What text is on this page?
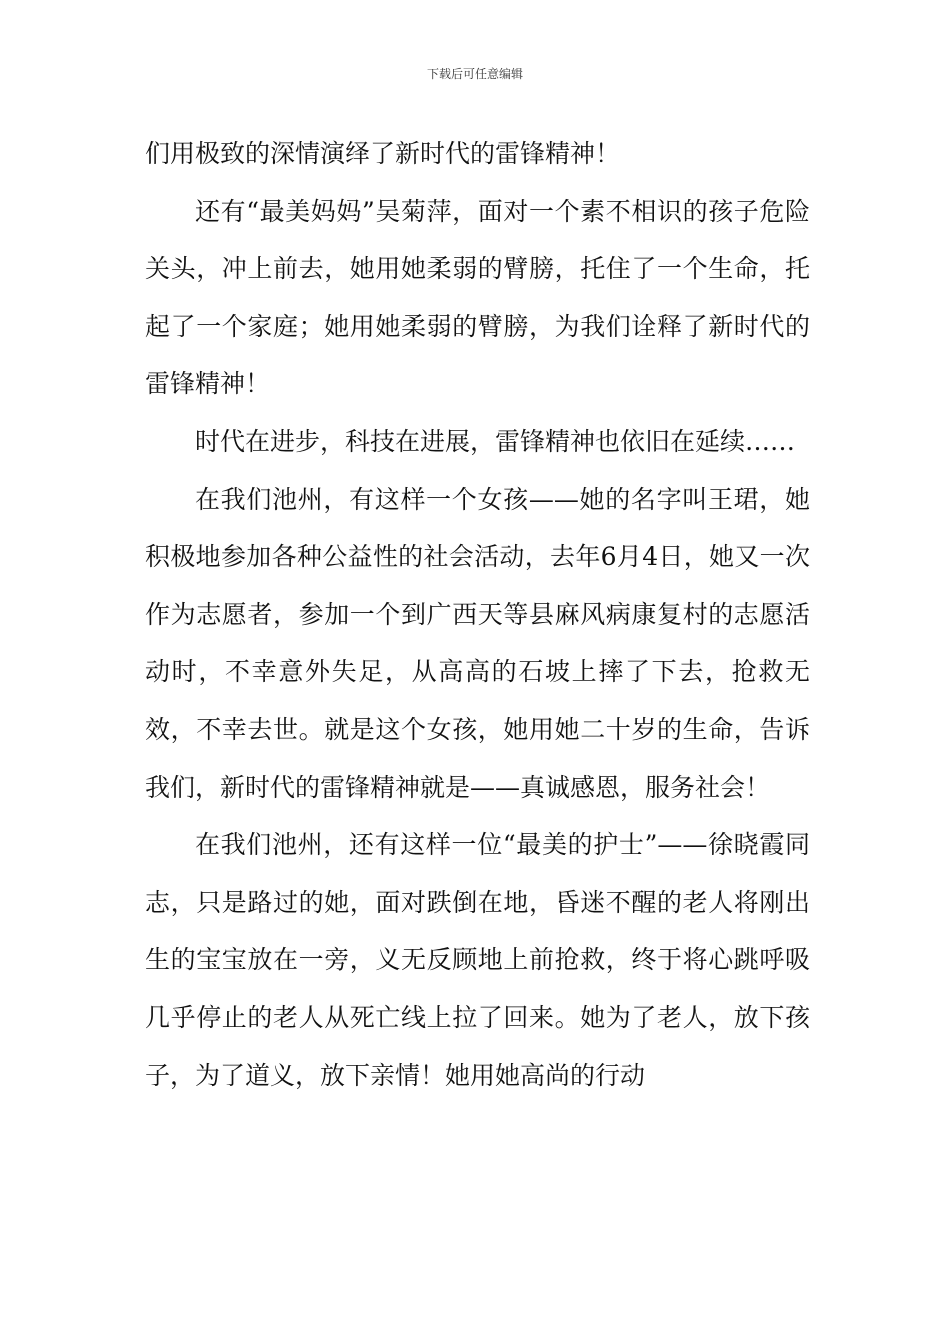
下载后可任意编辑

们用极致的深情演绎了新时代的雷锋精神！

还有“最美妈妈”吴菊萍，面对一个素不相识的孩子危险关头，冲上前去，她用她柔弱的臂膀，托住了一个生命，托起了一个家庭；她用她柔弱的臂膀，为我们诠释了新时代的雷锋精神！

时代在进步，科技在进展，雷锋精神也依旧在延续……

在我们池州，有这样一个女孩——她的名字叫王珺，她积极地参加各种公益性的社会活动，去年6月4日，她又一次作为志愿者，参加一个到广西天等县麻风病康复村的志愿活动时，不幸意外失足，从高高的石坡上摔了下去，抢救无效，不幸去世。就是这个女孩，她用她二十岁的生命，告诉我们，新时代的雷锋精神就是——真诚感恩，服务社会！

在我们池州，还有这样一位“最美的护士”——徐晓霞同志，只是路过的她，面对跌倒在地，昏迷不醒的老人将刚出生的宝宝放在一旁，义无反顾地上前抢救，终于将心跳呼吸几乎停止的老人从死亡线上拉了回来。她为了老人，放下孩子，为了道义，放下亲情！她用她高尚的行动
